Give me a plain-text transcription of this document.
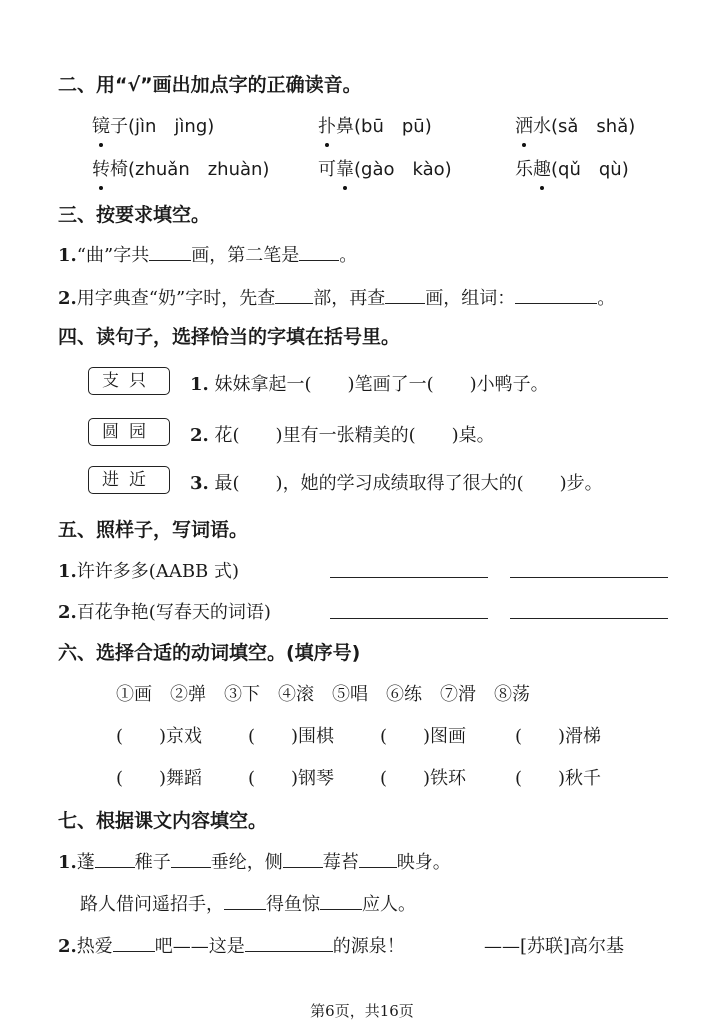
二、用“√”画出加点字的正确读音。
镜子(jìn　jìng)	扑鼻(bū　pū)	洒水(sǎ　shǎ)
转椅(zhuǎn　zhuàn)	可靠(gào　kào)	乐趣(qǔ　qù)
三、按要求填空。
1.“曲”字共 画，第二笔是 。
2.用字典查“奶”字时，先查 部，再查 画，组词：	。
四、读句子，选择恰当的字填在括号里。
支只	1. 妹妹拿起一(　　)笔画了一(　　)小鸭子。
圆园	2. 花(　　)里有一张精美的(　　)桌。
进近	3. 最(　　)，她的学习成绩取得了很大的(　　)步。
五、照样子，写词语。
1.许许多多(AABB 式)
2.百花争艳(写春天的词语)
六、选择合适的动词填空。(填序号)
①画　②弹　③下　④滚　⑤唱　⑥练　⑦滑　⑧荡
(　　)京戏	(　　)围棋	(　　)图画	(　　)滑梯
(　　)舞蹈	(　　)钢琴	(　　)铁环	(　　)秋千
七、根据课文内容填空。
1.蓬 稚子 垂纶，侧 莓苔 映身。
路人借问遥招手， 得鱼惊 应人。
2.热爱 吧——这是	的源泉！	——[苏联]高尔基
第6页，共16页
